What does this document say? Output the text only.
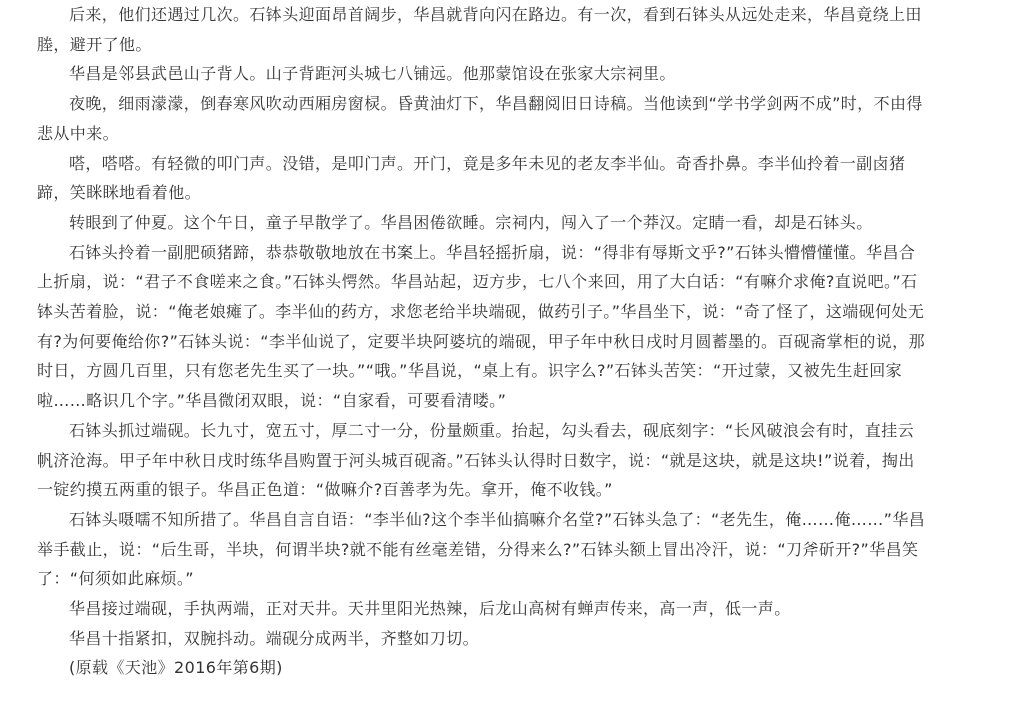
后来，他们还遇过几次。石钵头迎面昂首阔步，华昌就背向闪在路边。有一次，看到石钵头从远处走来，华昌竟绕上田塍，避开了他。

华昌是邻县武邑山子背人。山子背距河头城七八铺远。他那蒙馆设在张家大宗祠里。

夜晚，细雨濛濛，倒春寒风吹动西厢房窗棂。昏黄油灯下，华昌翻阅旧日诗稿。当他读到“学书学剑两不成”时，不由得悲从中来。

嗒，嗒嗒。有轻微的叩门声。没错，是叩门声。开门，竟是多年未见的老友李半仙。奇香扑鼻。李半仙拎着一副卤猪蹄，笑眯眯地看着他。

转眼到了仲夏。这个午日，童子早散学了。华昌困倦欲睡。宗祠内，闯入了一个莽汉。定睛一看，却是石钵头。

石钵头拎着一副肥硕猪蹄，恭恭敬敬地放在书案上。华昌轻摇折扇，说：“得非有辱斯文乎?”石钵头懵懵懂懂。华昌合上折扇，说：“君子不食嗟来之食。”石钵头愕然。华昌站起，迈方步，七八个来回，用了大白话：“有嘛介求俺?直说吧。”石钵头苦着脸，说：“俺老娘瘫了。李半仙的药方，求您老给半块端砚，做药引子。”华昌坐下，说：“奇了怪了，这端砚何处无有?为何要俺给你?”石钵头说：“李半仙说了，定要半块阿婆坑的端砚，甲子年中秋日戌时月圆蓄墨的。百砚斋掌柜的说，那时日，方圆几百里，只有您老先生买了一块。”“哦。”华昌说，“桌上有。识字么?”石钵头苦笑：“开过蒙，又被先生赶回家啦……略识几个字。”华昌微闭双眼，说：“自家看，可要看清喽。”

石钵头抓过端砚。长九寸，宽五寸，厚二寸一分，份量颇重。抬起，勾头看去，砚底刻字：“长风破浪会有时，直挂云帆济沧海。甲子年中秋日戌时练华昌购置于河头城百砚斋。”石钵头认得时日数字，说：“就是这块，就是这块!”说着，掏出一锭约摸五两重的银子。华昌正色道：“做嘛介?百善孝为先。拿开，俺不收钱。”

石钵头嗫嚅不知所措了。华昌自言自语：“李半仙?这个李半仙搞嘛介名堂?”石钵头急了：“老先生，俺……俺……”华昌举手截止，说：“后生哥，半块，何谓半块?就不能有丝毫差错，分得来么?”石钵头额上冒出冷汗，说：“刀斧斫开?”华昌笑了：“何须如此麻烦。”

华昌接过端砚，手执两端，正对天井。天井里阳光热辣，后龙山高树有蝉声传来，高一声，低一声。

华昌十指紧扣，双腕抖动。端砚分成两半，齐整如刀切。

(原载《天池》2016年第6期)
